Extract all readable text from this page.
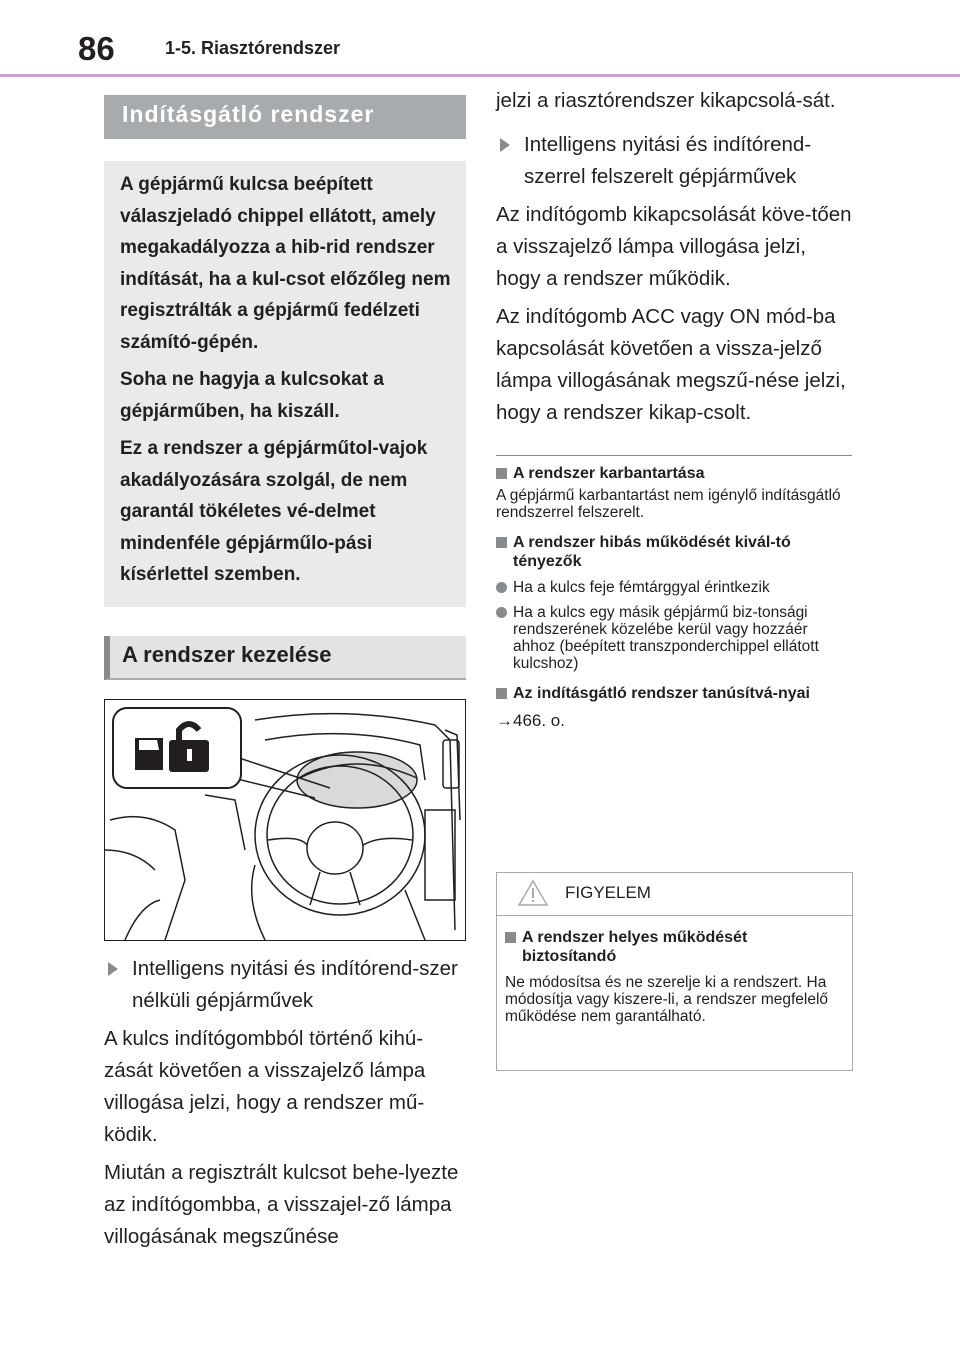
86	1-5. Riasztórendszer
Indításgátló rendszer

A gépjármű kulcsa beépített válaszjeladó chippel ellátott, amely megakadályozza a hib-rid rendszer indítását, ha a kul-csot előzőleg nem regisztrálták a gépjármű fedélzeti számító-gépén.

Soha ne hagyja a kulcsokat a gépjárműben, ha kiszáll.

Ez a rendszer a gépjárműtol-vajok akadályozására szolgál, de nem garantál tökéletes vé-delmet mindenféle gépjárműlo-pási kísérlettel szemben.

A rendszer kezelése
Intelligens nyitási és indítórend-szer nélküli gépjárművek

A kulcs indítógombból történő kihú-zását követően a visszajelző lámpa villogása jelzi, hogy a rendszer mű-ködik.

Miután a regisztrált kulcsot behe-lyezte az indítógombba, a visszajel-ző lámpa villogásának megszűnése

jelzi a riasztórendszer kikapcsolá-sát.

Intelligens nyitási és indítórend-szerrel felszerelt gépjárművek

Az indítógomb kikapcsolását köve-tően a visszajelző lámpa villogása jelzi, hogy a rendszer működik.

Az indítógomb ACC vagy ON mód-ba kapcsolását követően a vissza-jelző lámpa villogásának megszű-nése jelzi, hogy a rendszer kikap-csolt.

A rendszer karbantartása
A gépjármű karbantartást nem igénylő indításgátló rendszerrel felszerelt.
A rendszer hibás működését kivál-tó tényezők
Ha a kulcs feje fémtárggyal érintkezik
Ha a kulcs egy másik gépjármű biz-tonsági rendszerének közelébe kerül vagy hozzáér ahhoz (beépített transzponderchippel ellátott kulcshoz)
Az indításgátló rendszer tanúsítvá-nyai
→466. o.
FIGYELEM
A rendszer helyes működését biztosítandó
Ne módosítsa és ne szerelje ki a rendszert. Ha módosítja vagy kiszere-li, a rendszer megfelelő működése nem garantálható.
